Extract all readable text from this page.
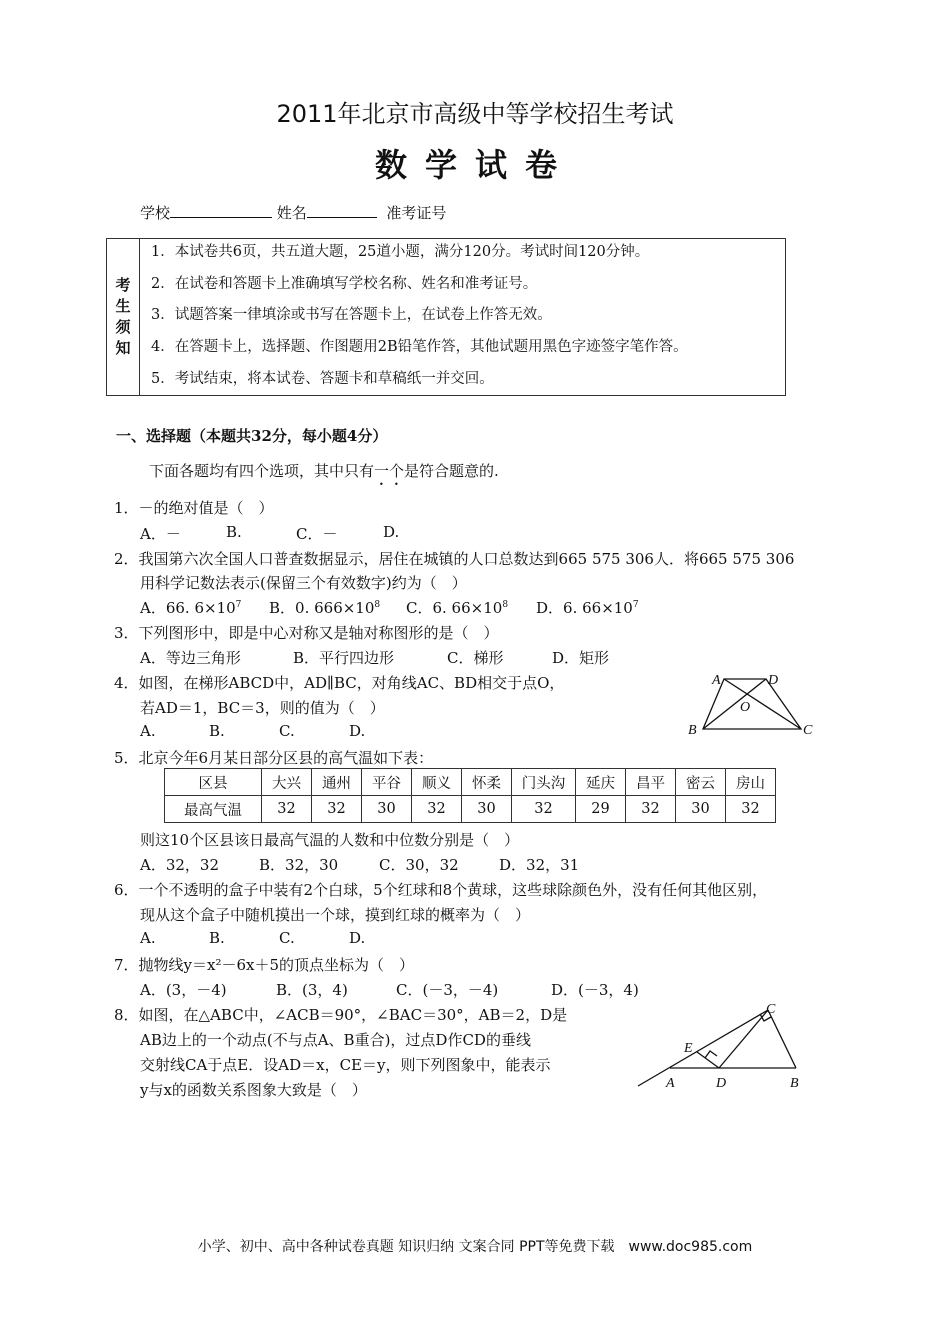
2011年北京市高级中等学校招生考试
数学试卷
学校	姓名	准考证号
考
生
须
知
1．本试卷共6页，共五道大题，25道小题，满分120分。考试时间120分钟。
2．在试卷和答题卡上准确填写学校名称、姓名和准考证号。
3．试题答案一律填涂或书写在答题卡上，在试卷上作答无效。
4．在答题卡上，选择题、作图题用2B铅笔作答，其他试题用黑色字迹签字笔作答。
5．考试结束，将本试卷、答题卡和草稿纸一并交回。
一、选择题（本题共32分，每小题4分）
下面各题均有四个选项，其中只有一个是符合题意的.
1．－的绝对值是（　）
A．－	B.	C．－	D.
2．我国第六次全国人口普查数据显示，居住在城镇的人口总数达到665 575 306人．将665 575 306
用科学记数法表示(保留三个有效数字)约为（　）
A．66. $6\times 10^7$ B．0. $666\times 10^8$ C．6. $66\times 10^8$ D．6. $66\times 10^7$
3．下列图形中，即是中心对称又是轴对称图形的是（　）
A．等边三角形	B．平行四边形	C．梯形	D．矩形
4．如图，在梯形ABCD中，AD∥BC，对角线AC、BD相交于点O，
若AD＝1，BC＝3，则的值为（　）
A.	B.	C.	D.
A	D
O
B	C
5．北京今年6月某日部分区县的高气温如下表：
区县	大兴	通州	平谷	顺义	怀柔	门头沟	延庆	昌平	密云	房山
最高气温	32	32	30	32	30	32	29	32	30	32
则这10个区县该日最高气温的人数和中位数分别是（　）
A．32，32	B．32，30	C．30，32	D．32，31
6．一个不透明的盒子中装有2个白球，5个红球和8个黄球，这些球除颜色外，没有任何其他区别，
现从这个盒子中随机摸出一个球，摸到红球的概率为（　）
A.	B.	C.	D.
7．抛物线y＝x²－6x＋5的顶点坐标为（　）
A．(3，－4)	B．(3，4)	C．(－3，－4)	D．(－3，4)
8．如图，在△ABC中，∠ACB＝90°，∠BAC＝30°，AB＝2，D是
AB边上的一个动点(不与点A、B重合)，过点D作CD的垂线
交射线CA于点E．设AD＝x，CE＝y，则下列图象中，能表示
y与x的函数关系图象大致是（　）
C
E
A	D	B
小学、初中、高中各种试卷真题 知识归纳 文案合同 PPT等免费下载　www.doc985.com
